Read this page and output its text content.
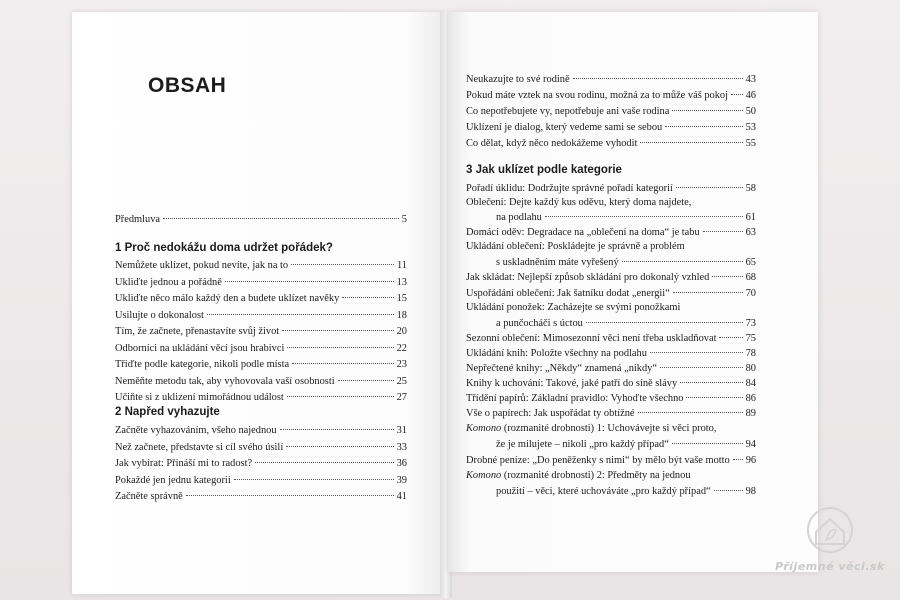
OBSAH
Předmluva	5
1 Proč nedokážu doma udržet pořádek?
Nemůžete uklízet, pokud nevíte, jak na to	11
Ukliďte jednou a pořádně	13
Ukliďte něco málo každý den a budete uklízet navěky	15
Usilujte o dokonalost	18
Tím, že začnete, přenastavíte svůj život	20
Odborníci na ukládání věcí jsou hrabivci	22
Třiďte podle kategorie, nikoli podle místa	23
Neměňte metodu tak, aby vyhovovala vaší osobnosti	25
Učiňte si z uklizení mimořádnou událost	27
2 Napřed vyhazujte
Začněte vyhazováním, všeho najednou	31
Než začnete, představte si cíl svého úsilí	33
Jak vybírat: Přináší mi to radost?	36
Pokaždé jen jednu kategorii	39
Začněte správně	41
Neukazujte to své rodině	43
Pokud máte vztek na svou rodinu, možná za to může váš pokoj 46
Co nepotřebujete vy, nepotřebuje ani vaše rodina	50
Uklízení je dialog, který vedeme sami se sebou	53
Co dělat, když něco nedokážeme vyhodit	55
3 Jak uklízet podle kategorie
Pořadí úklidu: Dodržujte správné pořadí kategorií	58
Oblečení: Dejte každý kus oděvu, který doma najdete,
na podlahu	61
Domácí oděv: Degradace na „oblečení na doma“ je tabu	63
Ukládání oblečení: Poskládejte je správně a problém
s uskladněním máte vyřešený	65
Jak skládat: Nejlepší způsob skládání pro dokonalý vzhled	68
Uspořádání oblečení: Jak šatníku dodat „energii“	70
Ukládání ponožek: Zacházejte se svými ponožkami
a punčocháči s úctou	73
Sezonní oblečení: Mimosezonní věci není třeba uskladňovat	75
Ukládání knih: Položte všechny na podlahu	78
Nepřečtené knihy: „Někdy“ znamená „nikdy“	80
Knihy k uchování: Takové, jaké patří do síně slávy	84
Třídění papírů: Základní pravidlo: Vyhoďte všechno	86
Vše o papírech: Jak uspořádat ty obtížné	89
Komono (rozmanité drobnosti) 1: Uchovávejte si věci proto,
že je milujete – nikoli „pro každý případ“	94
Drobné peníze: „Do peněženky s nimi“ by mělo být vaše motto 96
Komono (rozmanité drobnosti) 2: Předměty na jednou
použití – věci, které uchováváte „pro každý případ“	98
Příjemné věci.sk
